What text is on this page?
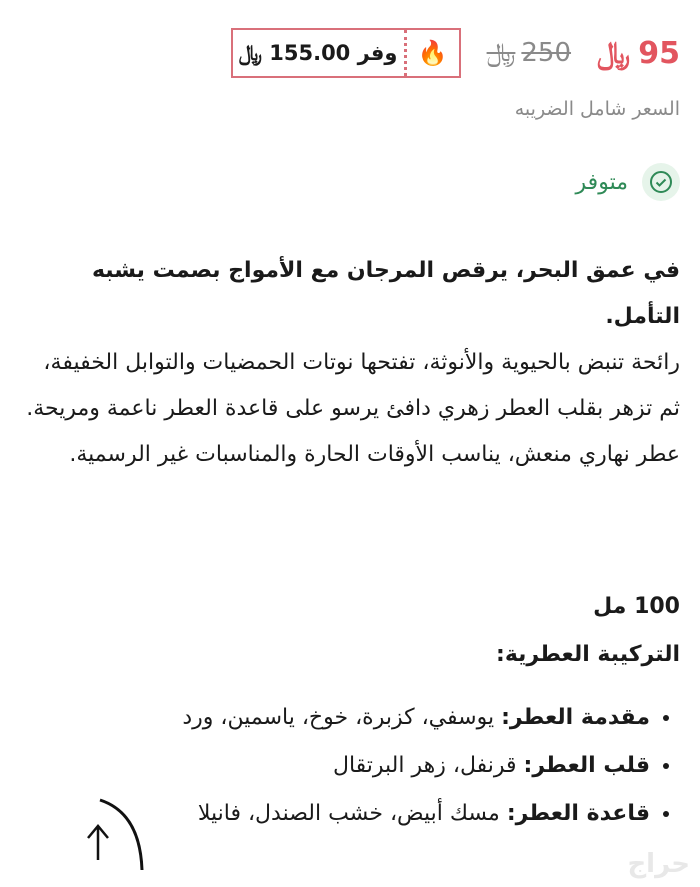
95
﷼
250
﷼
🔥
وفر 155.00 ﷼
السعر شامل الضريبه
متوفر

في عمق البحر، يرقص المرجان مع الأمواج بصمت يشبه التأمل.

رائحة تنبض بالحيوية والأنوثة، تفتحها نوتات الحمضيات والتوابل الخفيفة، ثم تزهر بقلب العطر زهري دافئ يرسو على قاعدة العطر ناعمة ومريحة. عطر نهاري منعش، يناسب الأوقات الحارة والمناسبات غير الرسمية.

100 مل
التركيبة العطرية:
• مقدمة العطر: يوسفي، كزبرة، خوخ، ياسمين، ورد
• قلب العطر: قرنفل، زهر البرتقال
• قاعدة العطر: مسك أبيض، خشب الصندل، فانيلا
حراج
